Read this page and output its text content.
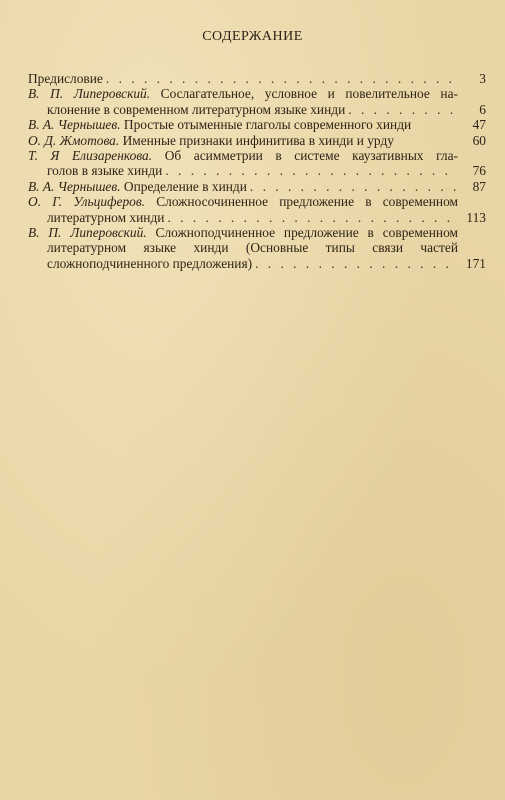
СОДЕРЖАНИЕ
Предисловие . . .	3
В. П. Липеровский. Сослагательное, условное и повелительное на-
клонение в современном литературном языке хинди . . .	6
В. А. Чернышев.
Простые отыменные глаголы современного хинди	47
О. Д. Жмотова.
Именные признаки инфинитива в хинди и урду	60
Т. Я Елизаренкова. Об асимметрии в системе каузативных гла-
голов в языке хинди . . .	76
В. А. Чернышев.
Определение в хинди . . .	87
О. Г. Ульциферов. Сложносочиненное предложение в современном
литературном хинди . . .	113
В. П. Липеровский. Сложноподчиненное предложение в современном
литературном языке хинди (Основные типы связи частей
сложноподчиненного предложения) . . .	171
